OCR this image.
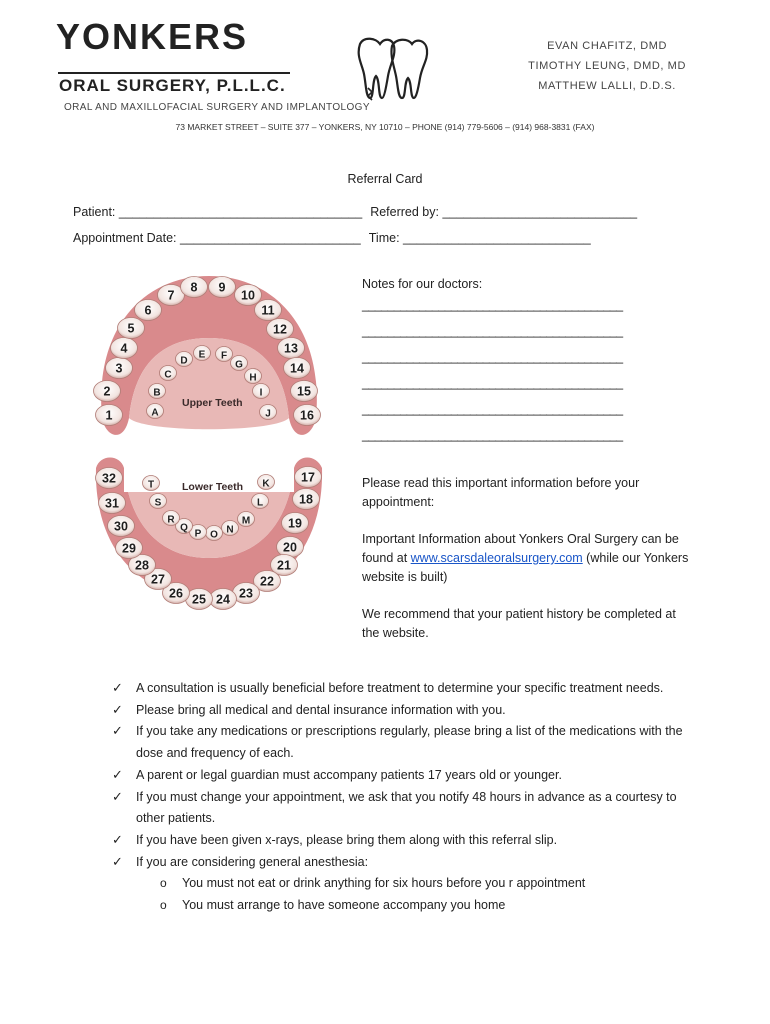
YONKERS
ORAL SURGERY, P.L.L.C.
ORAL AND MAXILLOFACIAL SURGERY AND IMPLANTOLOGY
EVAN CHAFITZ, DMD
TIMOTHY LEUNG, DMD, MD
MATTHEW LALLI, D.D.S.
73 MARKET STREET – SUITE 377 – YONKERS, NY 10710 – PHONE (914) 779-5606 – (914) 968-3831 (FAX)
Referral Card
Patient: ___________________________________ Referred by: ____________________________
Appointment Date: __________________________ Time: ___________________________
1
2
3
4
5
6
7
8 9
10
11
12
13
14
15
16
A
B
C
D
E F
G
H
I
J
Upper Teeth
17
18
19
20
21
22
23
24
25
26
27
28
29
30
31
32	K
L
M
N
O
P
Q
R
S
T	Lower Teeth
Notes for our doctors:
_________________________________________
_________________________________________
_________________________________________
_________________________________________
_________________________________________
_________________________________________

Please read this important information before your appointment:

Important Information about Yonkers Oral Surgery can be found at www.scarsdaleoralsurgery.com (while our Yonkers website is built)

We recommend that your patient history be completed at the website.

✓ A consultation is usually beneficial before treatment to determine your specific treatment needs.
✓ Please bring all medical and dental insurance information with you.
✓ If you take any medications or prescriptions regularly, please bring a list of the medications with the dose and frequency of each.
✓ A parent or legal guardian must accompany patients 17 years old or younger.
✓ If you must change your appointment, we ask that you notify 48 hours in advance as a courtesy to other patients.
✓ If you have been given x-rays, please bring them along with this referral slip.
✓ If you are considering general anesthesia:
o You must not eat or drink anything for six hours before you r appointment
o You must arrange to have someone accompany you home
